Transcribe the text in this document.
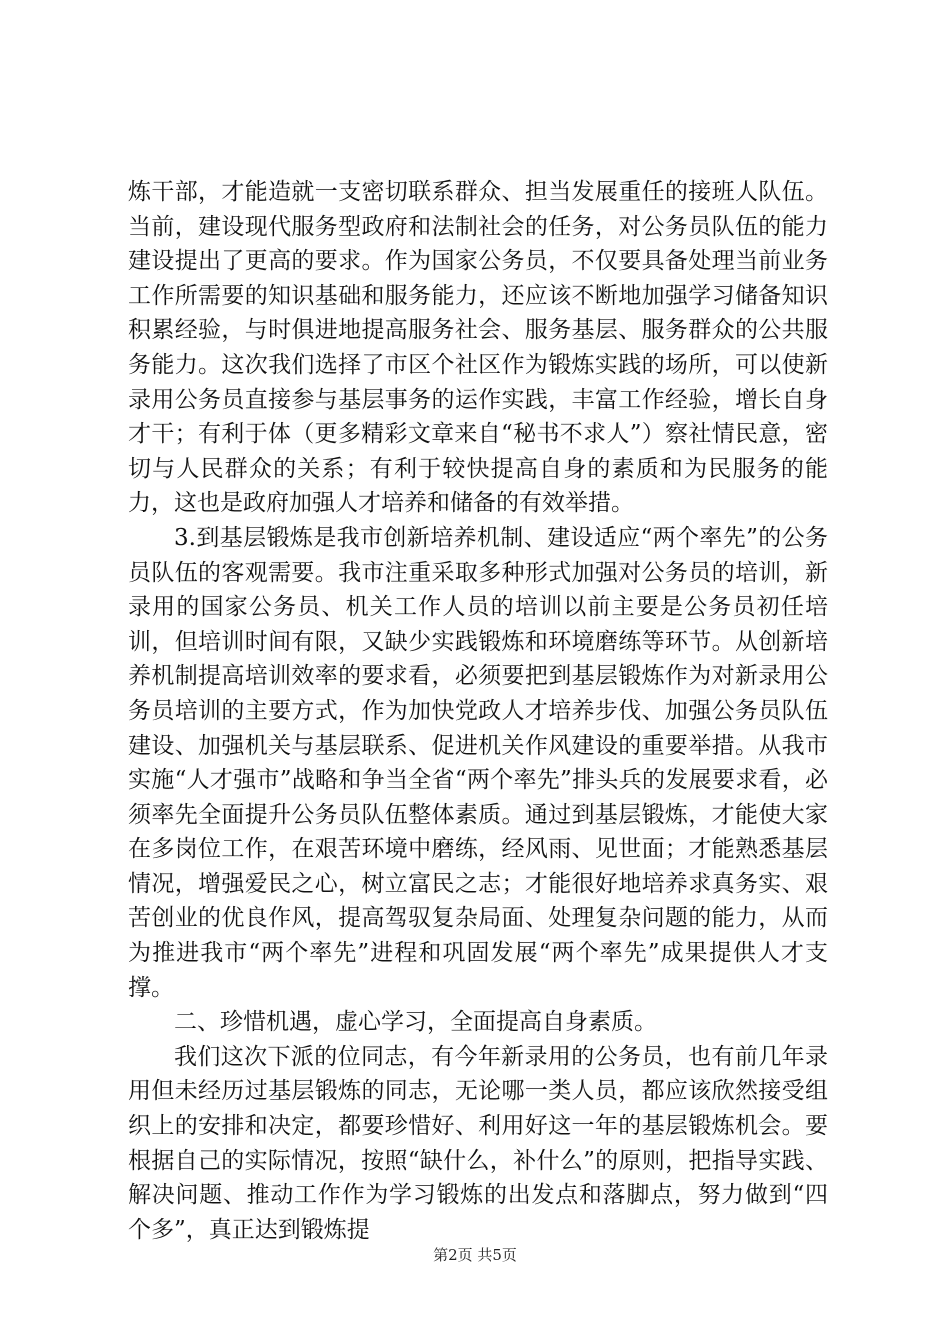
炼干部，才能造就一支密切联系群众、担当发展重任的接班人队伍。当前，建设现代服务型政府和法制社会的任务，对公务员队伍的能力建设提出了更高的要求。作为国家公务员，不仅要具备处理当前业务工作所需要的知识基础和服务能力，还应该不断地加强学习储备知识积累经验，与时俱进地提高服务社会、服务基层、服务群众的公共服务能力。这次我们选择了市区个社区作为锻炼实践的场所，可以使新录用公务员直接参与基层事务的运作实践，丰富工作经验，增长自身才干；有利于体（更多精彩文章来自“秘书不求人”）察社情民意，密切与人民群众的关系；有利于较快提高自身的素质和为民服务的能力，这也是政府加强人才培养和储备的有效举措。

3.到基层锻炼是我市创新培养机制、建设适应“两个率先”的公务员队伍的客观需要。我市注重采取多种形式加强对公务员的培训，新录用的国家公务员、机关工作人员的培训以前主要是公务员初任培训，但培训时间有限，又缺少实践锻炼和环境磨练等环节。从创新培养机制提高培训效率的要求看，必须要把到基层锻炼作为对新录用公务员培训的主要方式，作为加快党政人才培养步伐、加强公务员队伍建设、加强机关与基层联系、促进机关作风建设的重要举措。从我市实施“人才强市”战略和争当全省“两个率先”排头兵的发展要求看，必须率先全面提升公务员队伍整体素质。通过到基层锻炼，才能使大家在多岗位工作，在艰苦环境中磨练，经风雨、见世面；才能熟悉基层情况，增强爱民之心，树立富民之志；才能很好地培养求真务实、艰苦创业的优良作风，提高驾驭复杂局面、处理复杂问题的能力，从而为推进我市“两个率先”进程和巩固发展“两个率先”成果提供人才支撑。

二、珍惜机遇，虚心学习，全面提高自身素质。

我们这次下派的位同志，有今年新录用的公务员，也有前几年录用但未经历过基层锻炼的同志，无论哪一类人员，都应该欣然接受组织上的安排和决定，都要珍惜好、利用好这一年的基层锻炼机会。要根据自己的实际情况，按照“缺什么，补什么”的原则，把指导实践、解决问题、推动工作作为学习锻炼的出发点和落脚点，努力做到“四个多”，真正达到锻炼提

第2页 共5页
